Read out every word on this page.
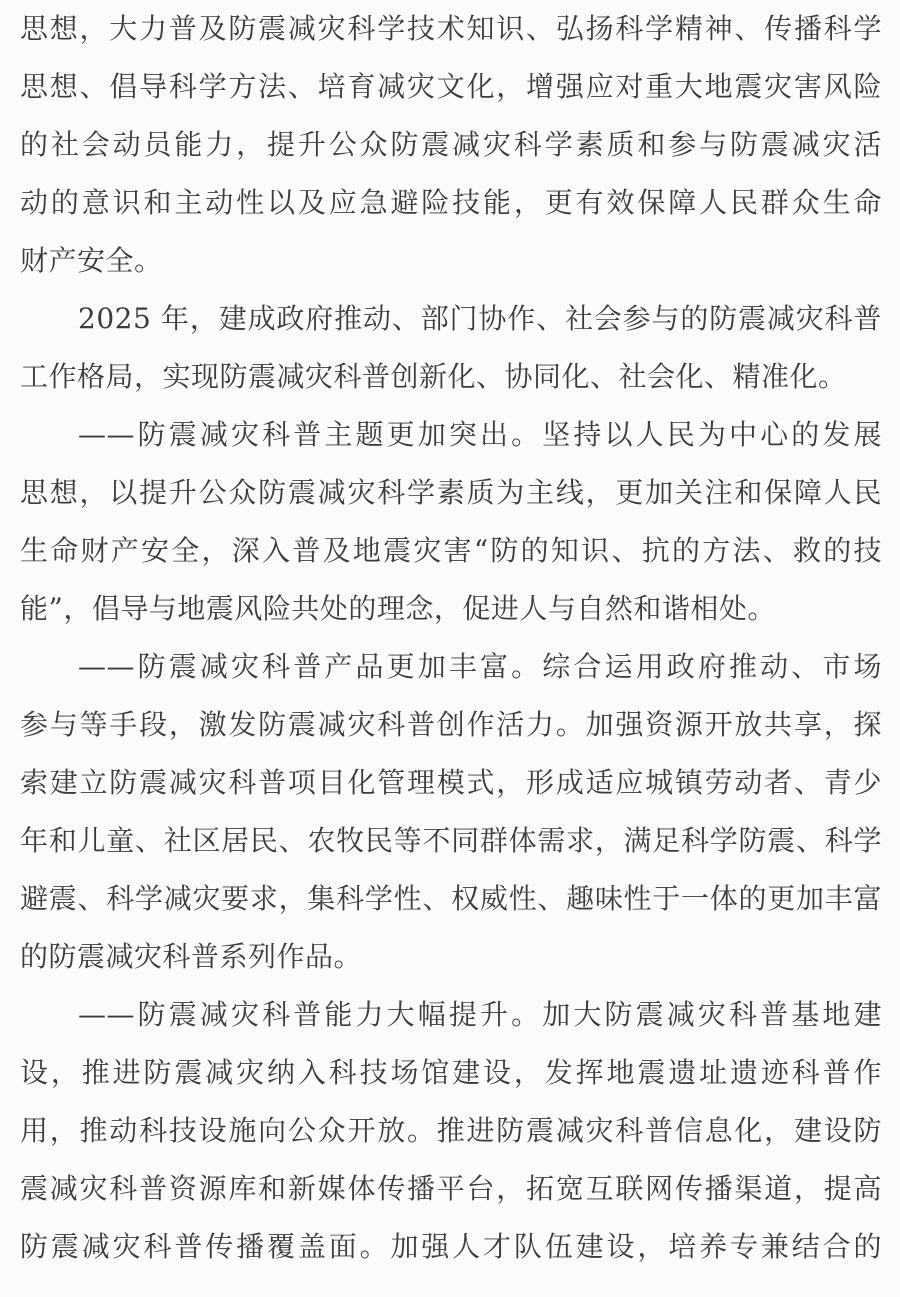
思想，大力普及防震减灾科学技术知识、弘扬科学精神、传播科学
思想、倡导科学方法、培育减灾文化，增强应对重大地震灾害风险
的社会动员能力，提升公众防震减灾科学素质和参与防震减灾活
动的意识和主动性以及应急避险技能，更有效保障人民群众生命
财产安全。
2025 年，建成政府推动、部门协作、社会参与的防震减灾科普
工作格局，实现防震减灾科普创新化、协同化、社会化、精准化。
——防震减灾科普主题更加突出。坚持以人民为中心的发展
思想，以提升公众防震减灾科学素质为主线，更加关注和保障人民
生命财产安全，深入普及地震灾害“防的知识、抗的方法、救的技
能”，倡导与地震风险共处的理念，促进人与自然和谐相处。
——防震减灾科普产品更加丰富。综合运用政府推动、市场
参与等手段，激发防震减灾科普创作活力。加强资源开放共享，探
索建立防震减灾科普项目化管理模式，形成适应城镇劳动者、青少
年和儿童、社区居民、农牧民等不同群体需求，满足科学防震、科学
避震、科学减灾要求，集科学性、权威性、趣味性于一体的更加丰富
的防震减灾科普系列作品。
——防震减灾科普能力大幅提升。加大防震减灾科普基地建
设，推进防震减灾纳入科技场馆建设，发挥地震遗址遗迹科普作
用，推动科技设施向公众开放。推进防震减灾科普信息化，建设防
震减灾科普资源库和新媒体传播平台，拓宽互联网传播渠道，提高
防震减灾科普传播覆盖面。加强人才队伍建设，培养专兼结合的
